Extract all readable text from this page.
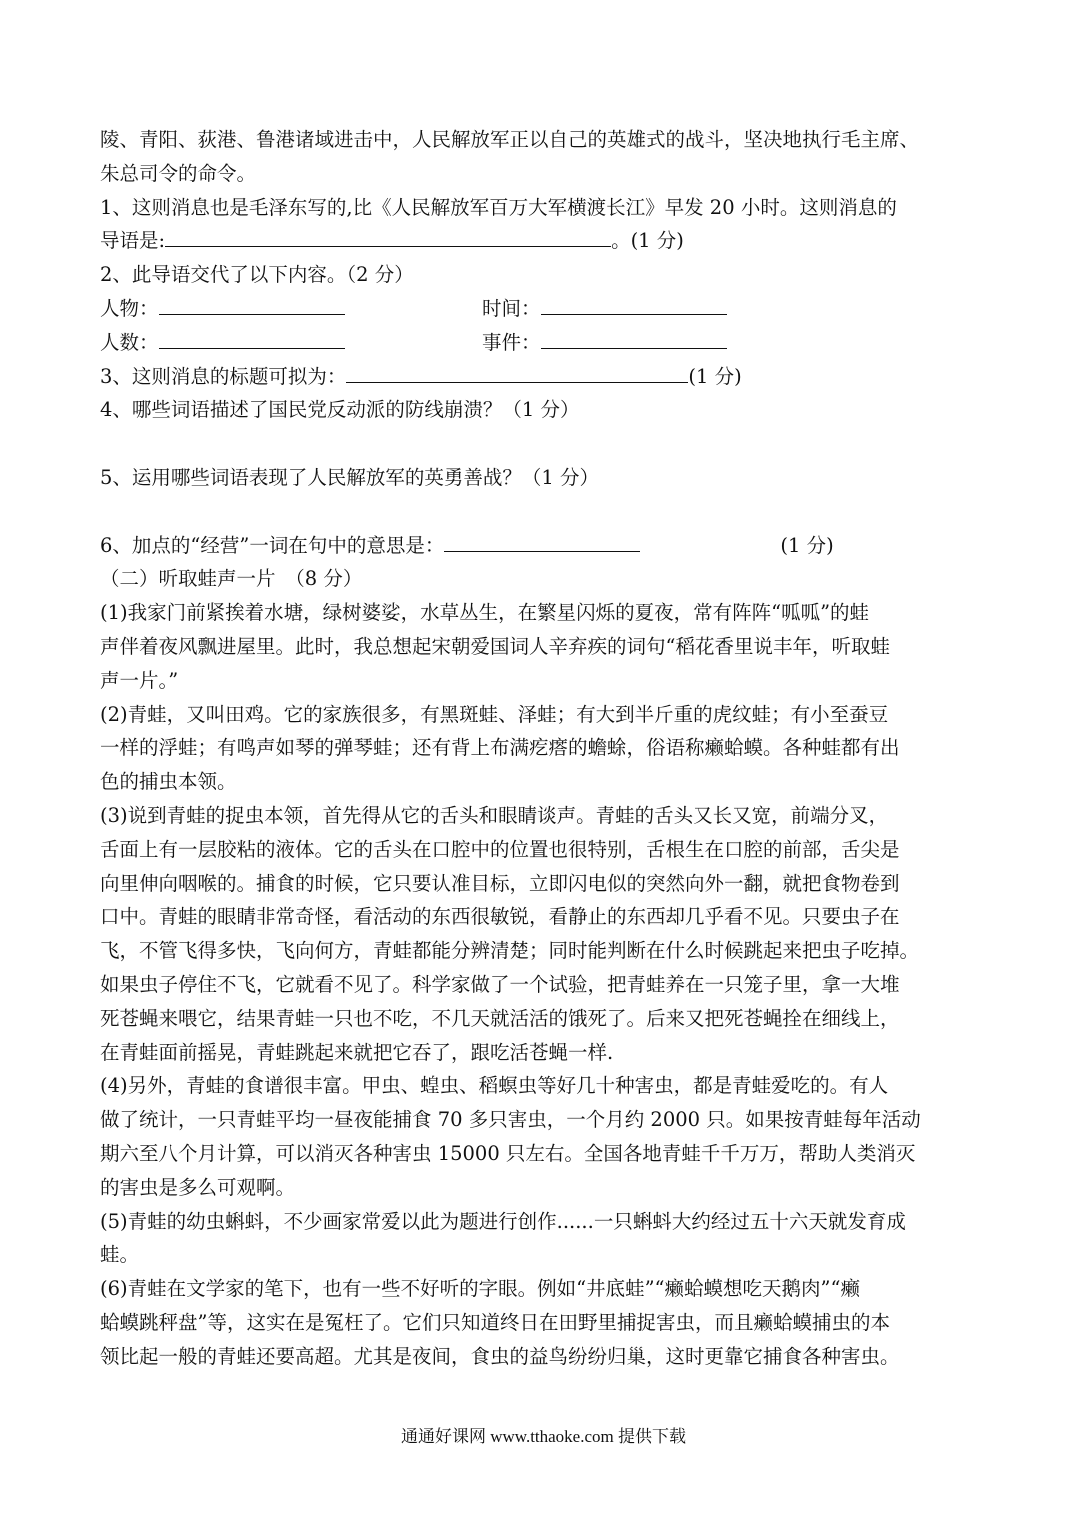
陵、青阳、荻港、鲁港诸域进击中，人民解放军正以自己的英雄式的战斗，坚决地执行毛主席、
朱总司令的命令。
1、这则消息也是毛泽东写的,比《人民解放军百万大军横渡长江》早发 20 小时。这则消息的
导语是:	。(1 分)
2、此导语交代了以下内容。（2 分）
人物：	时间：
人数：	事件：
3、这则消息的标题可拟为：	(1 分)
4、哪些词语描述了国民党反动派的防线崩溃？（1 分）
5、运用哪些词语表现了人民解放军的英勇善战？（1 分）
6、加点的“经营”一词在句中的意思是：	(1 分)
（二）听取蛙声一片　（8 分）
(1)我家门前紧挨着水塘，绿树婆娑，水草丛生，在繁星闪烁的夏夜，常有阵阵“呱呱”的蛙
声伴着夜风飘进屋里。此时，我总想起宋朝爱国词人辛弃疾的词句“稻花香里说丰年，听取蛙
声一片。”
(2)青蛙，又叫田鸡。它的家族很多，有黑斑蛙、泽蛙；有大到半斤重的虎纹蛙；有小至蚕豆
一样的浮蛙；有鸣声如琴的弹琴蛙；还有背上布满疙瘩的蟾蜍，俗语称癞蛤蟆。各种蛙都有出
色的捕虫本领。
(3)说到青蛙的捉虫本领，首先得从它的舌头和眼睛谈声。青蛙的舌头又长又宽，前端分叉，
舌面上有一层胶粘的液体。它的舌头在口腔中的位置也很特别，舌根生在口腔的前部，舌尖是
向里伸向咽喉的。捕食的时候，它只要认准目标，立即闪电似的突然向外一翻，就把食物卷到
口中。青蛙的眼睛非常奇怪，看活动的东西很敏锐，看静止的东西却几乎看不见。只要虫子在
飞，不管飞得多快，飞向何方，青蛙都能分辨清楚；同时能判断在什么时候跳起来把虫子吃掉。
如果虫子停住不飞，它就看不见了。科学家做了一个试验，把青蛙养在一只笼子里，拿一大堆
死苍蝇来喂它，结果青蛙一只也不吃，不几天就活活的饿死了。后来又把死苍蝇拴在细线上，
在青蛙面前摇晃，青蛙跳起来就把它吞了，跟吃活苍蝇一样.
(4)另外，青蛙的食谱很丰富。甲虫、蝗虫、稻螟虫等好几十种害虫，都是青蛙爱吃的。有人
做了统计，一只青蛙平均一昼夜能捕食 70 多只害虫，一个月约 2000 只。如果按青蛙每年活动
期六至八个月计算，可以消灭各种害虫 15000 只左右。全国各地青蛙千千万万，帮助人类消灭
的害虫是多么可观啊。
(5)青蛙的幼虫蝌蚪，不少画家常爱以此为题进行创作......一只蝌蚪大约经过五十六天就发育成
蛙。
(6)青蛙在文学家的笔下，也有一些不好听的字眼。例如“井底蛙”“癞蛤蟆想吃天鹅肉”“癞
蛤蟆跳秤盘”等，这实在是冤枉了。它们只知道终日在田野里捕捉害虫，而且癞蛤蟆捕虫的本
领比起一般的青蛙还要高超。尤其是夜间，食虫的益鸟纷纷归巢，这时更靠它捕食各种害虫。
通通好课网 www.tthaoke.com 提供下载
